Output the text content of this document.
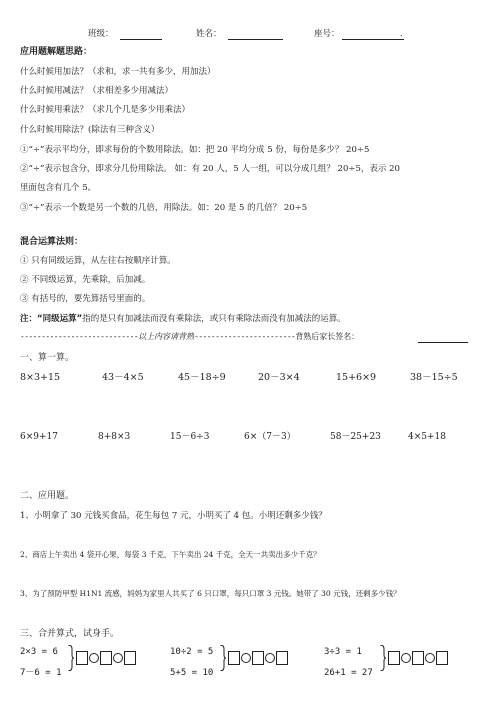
班级：	姓名：	座号：	.
应用题解题思路：
什么时候用加法？（求和，求一共有多少，用加法）
什么时候用减法？（求相差多少用减法）
什么时候用乘法？（求几个几是多少用乘法）
什么时候用除法？(除法有三种含义）
①“÷”表示平均分，即求每份的个数用除法。如：把 20 平均分成 5 份，每份是多少？ 20÷5
②“÷”表示包含分，即求分几份用除法。 如：有 20 人，5 人一组，可以分成几组？ 20÷5，表示 20
里面包含有几个 5。
③“÷”表示一个数是另一个数的几倍，用除法。如：20 是 5 的几倍？ 20÷5
混合运算法则：
① 只有同级运算，从左往右按顺序计算。
② 不同级运算，先乘除，后加减。
③ 有括号的，要先算括号里面的。
注：“同级运算”指的是只有加减法而没有乘除法，或只有乘除法而没有加减法的运算。
----------------------------以上内容请背熟------------------------背熟后家长签名：
一、算一算。
8×3+15	43－4×5	45－18÷9	20－3×4	15+6×9	38－15÷5
6×9+17	8+8×3	15－6÷3	6×（7－3）	58－25+23	4×5+18
二、应用题。
1、小明拿了 30 元钱买食品，花生每包 7 元，小明买了 4 包。小明还剩多少钱？
2、商店上午卖出 4 袋开心果，每袋 3 千克，下午卖出 24 千克，全天一共卖出多少千克？
3、为了预防甲型 H1N1 流感，妈妈为家里人共买了 6 只口罩，每只口罩 3 元钱。她带了 30 元钱，还剩多少钱？
三、合并算式，试身手。
2×3 = 6
7－6 = 1
10÷2 = 5
5+5 = 10
3÷3 = 1
26+1 = 27
